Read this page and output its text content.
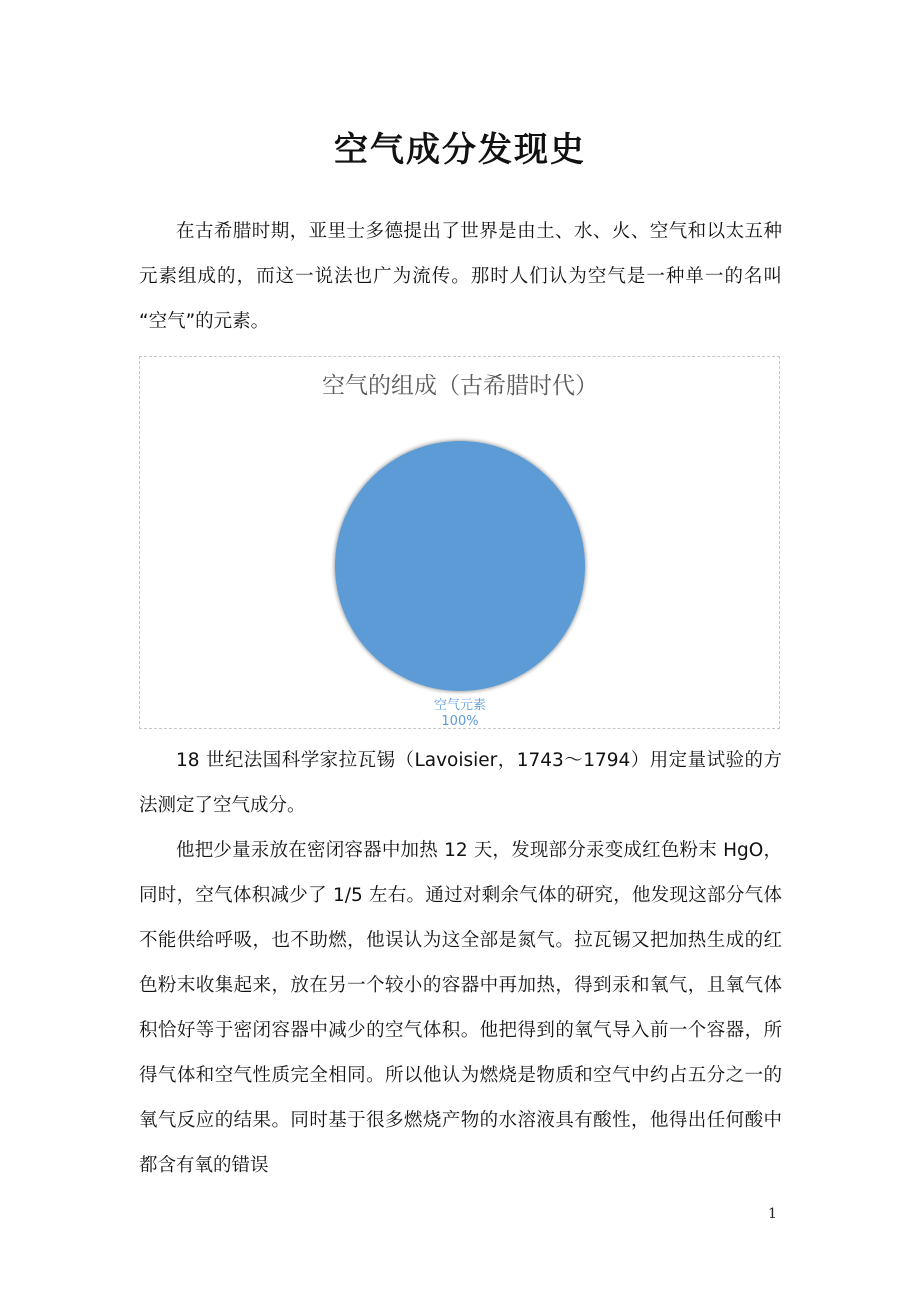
空气成分发现史

在古希腊时期，亚里士多德提出了世界是由土、水、火、空气和以太五种元素组成的，而这一说法也广为流传。那时人们认为空气是一种单一的名叫 “空气”的元素。

空气的组成（古希腊时代）
空气元素
100%

18 世纪法国科学家拉瓦锡（Lavoisier，1743～1794）用定量试验的方法测定了空气成分。

他把少量汞放在密闭容器中加热 12 天，发现部分汞变成红色粉末 HgO，同时，空气体积减少了 1/5 左右。通过对剩余气体的研究，他发现这部分气体不能供给呼吸，也不助燃，他误认为这全部是氮气。拉瓦锡又把加热生成的红色粉末收集起来，放在另一个较小的容器中再加热，得到汞和氧气，且氧气体积恰好等于密闭容器中减少的空气体积。他把得到的氧气导入前一个容器，所得气体和空气性质完全相同。所以他认为燃烧是物质和空气中约占五分之一的氧气反应的结果。同时基于很多燃烧产物的水溶液具有酸性，他得出任何酸中都含有氧的错误

1
